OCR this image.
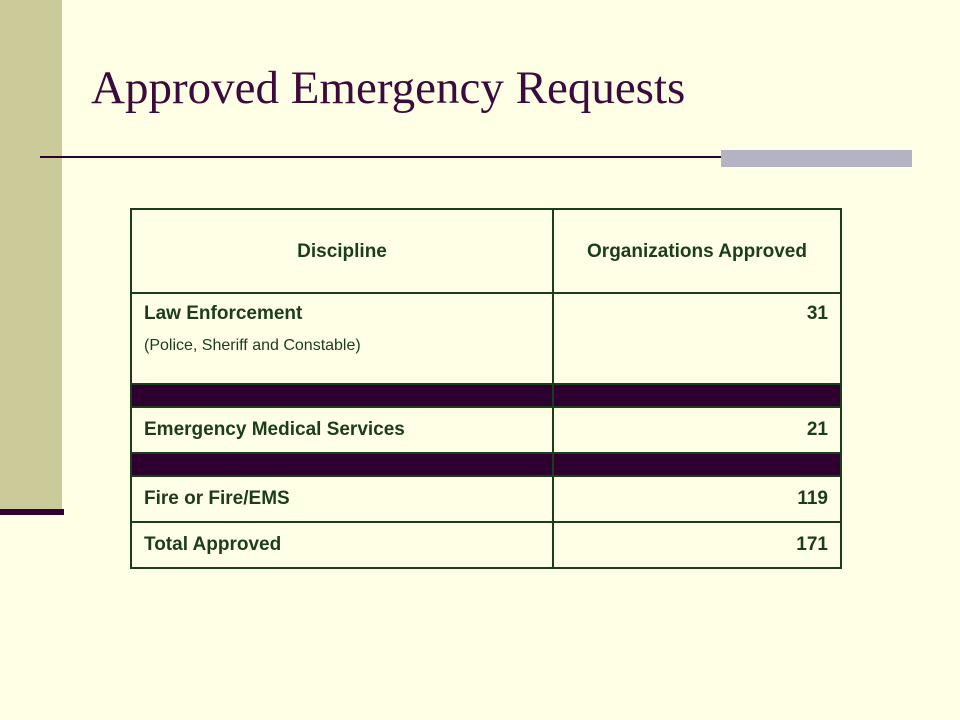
Approved Emergency Requests
Discipline	Organizations Approved
Law Enforcement
(Police, Sheriff and Constable)	31

Emergency Medical Services	21

Fire or Fire/EMS	119
Total Approved	171
